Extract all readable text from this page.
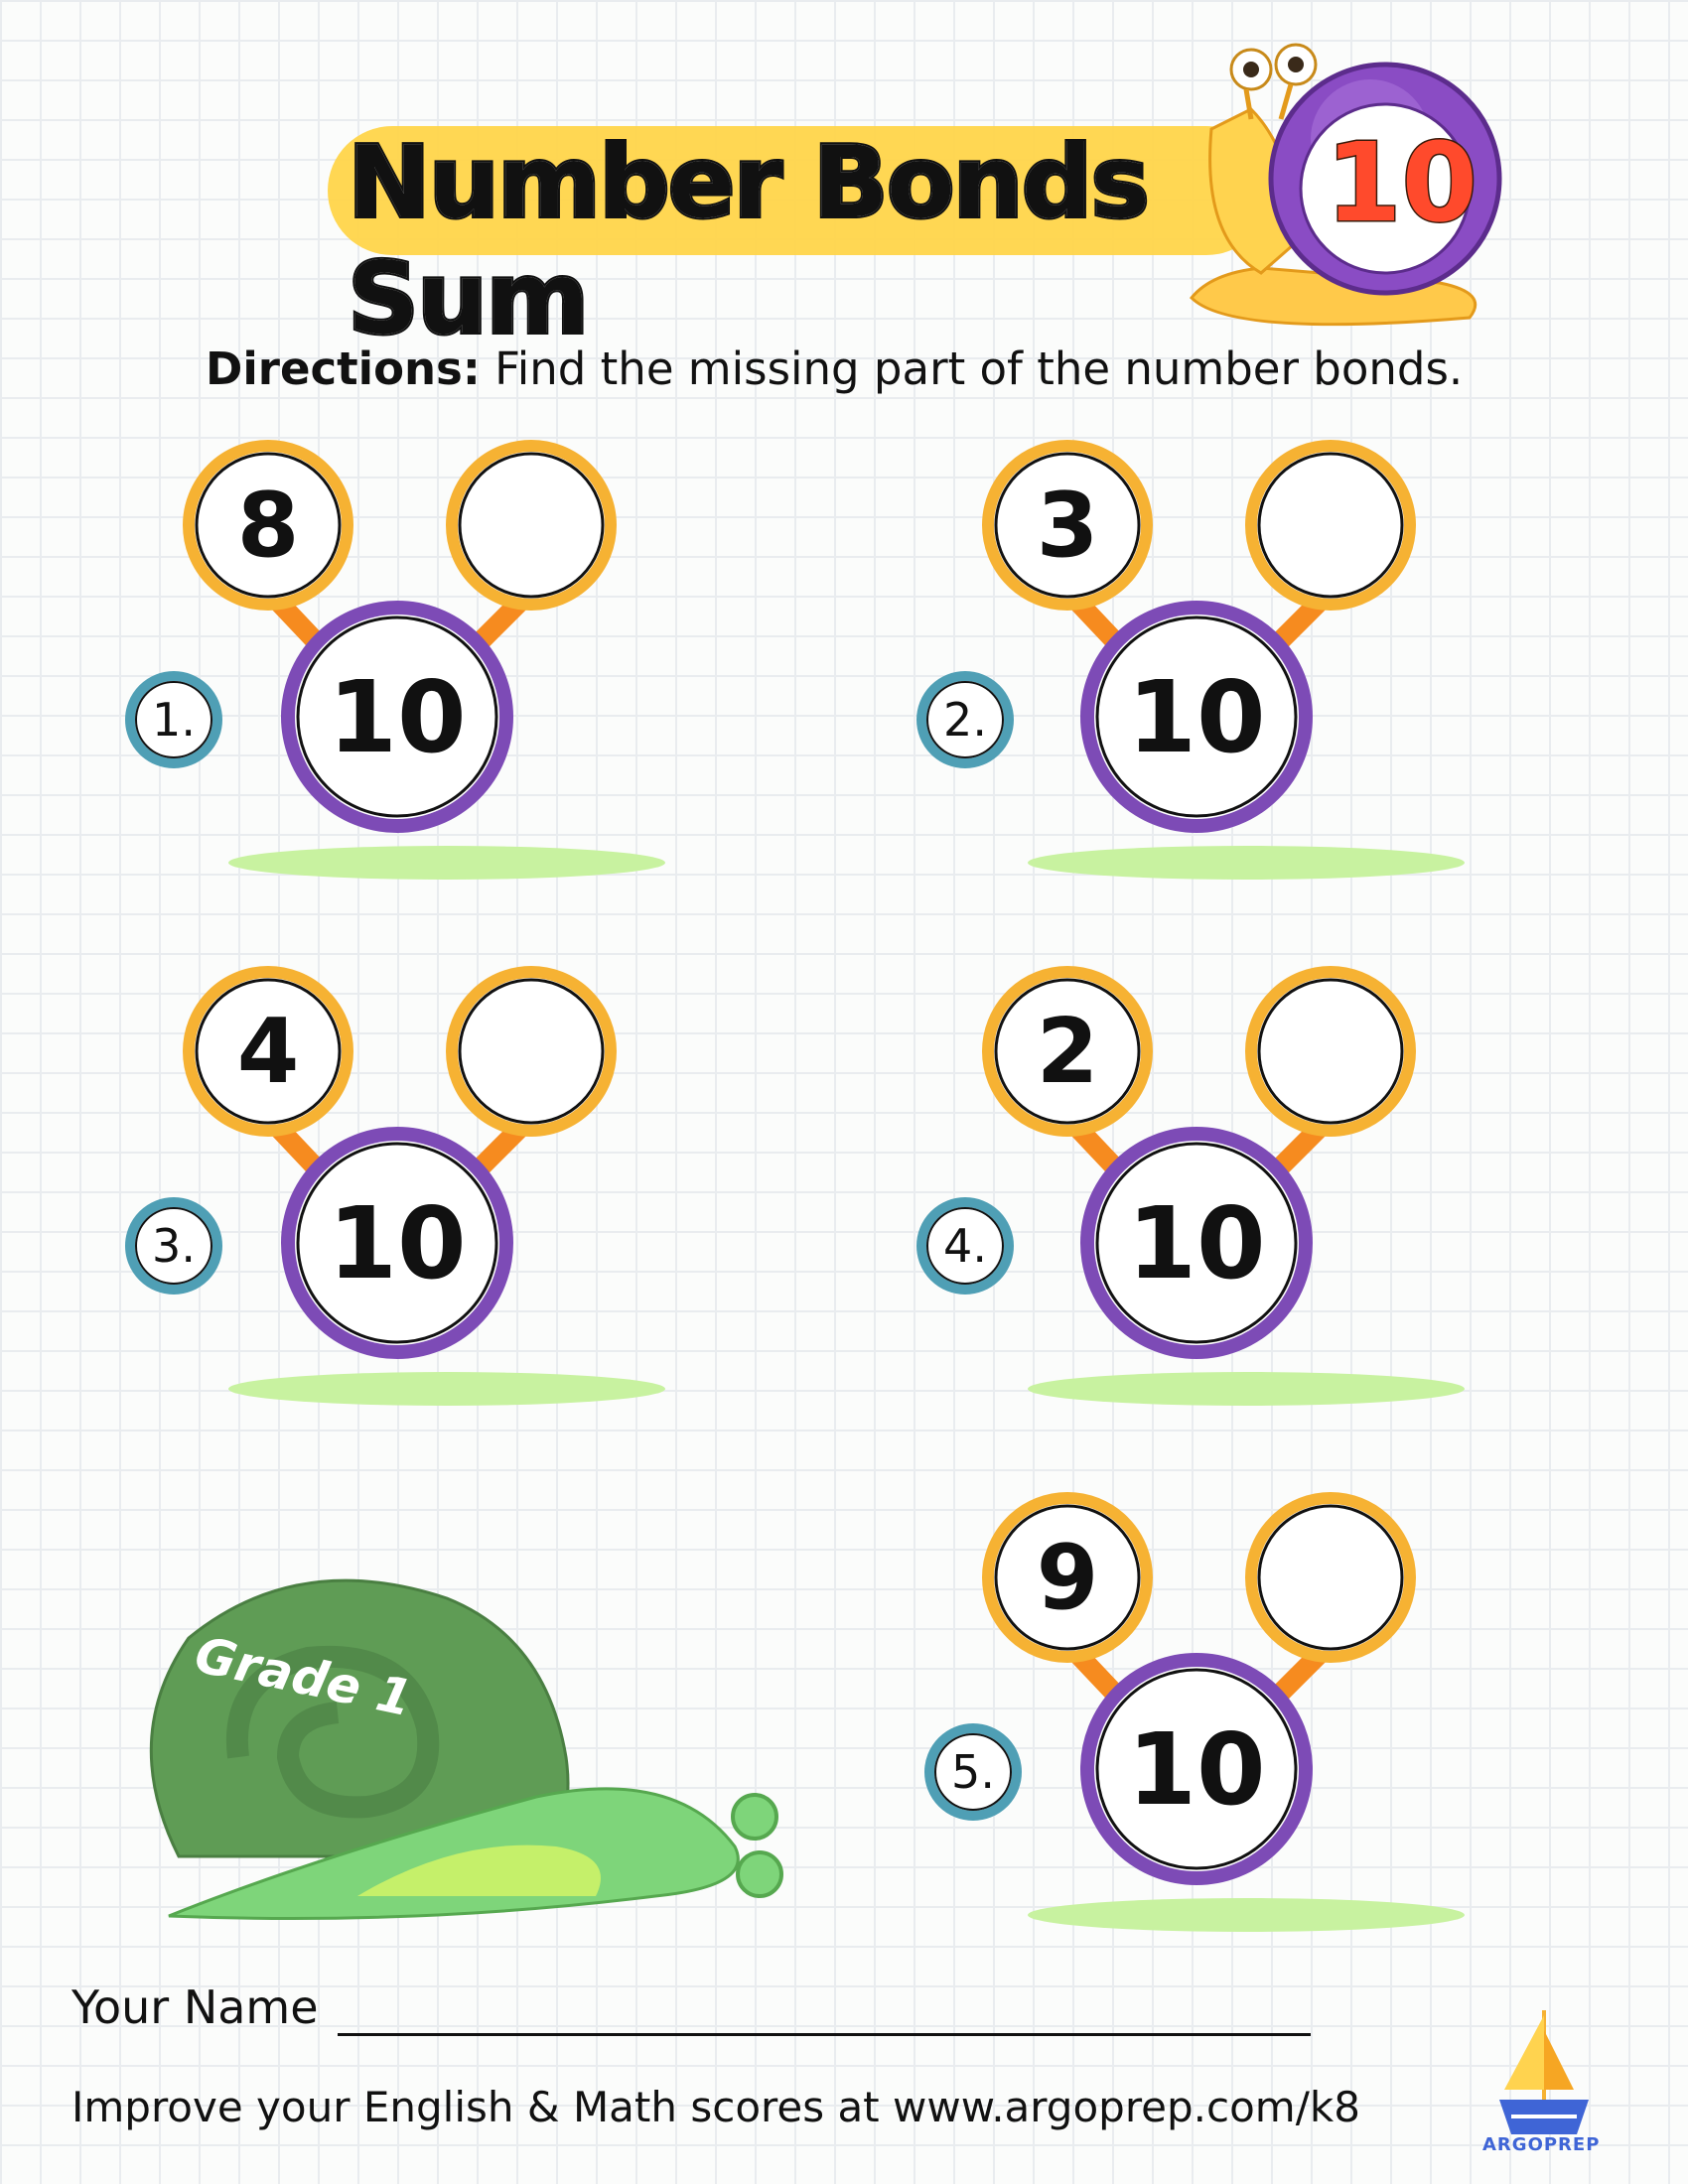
Number Bonds Sum
10
Directions: Find the missing part of the number bonds.
8
10
1.
3
10
2.
4
10
3.
2
10
4.
9
10
5.
Grade 1
Your Name
Improve your English & Math scores at www.argoprep.com/k8
ARGOPREP
